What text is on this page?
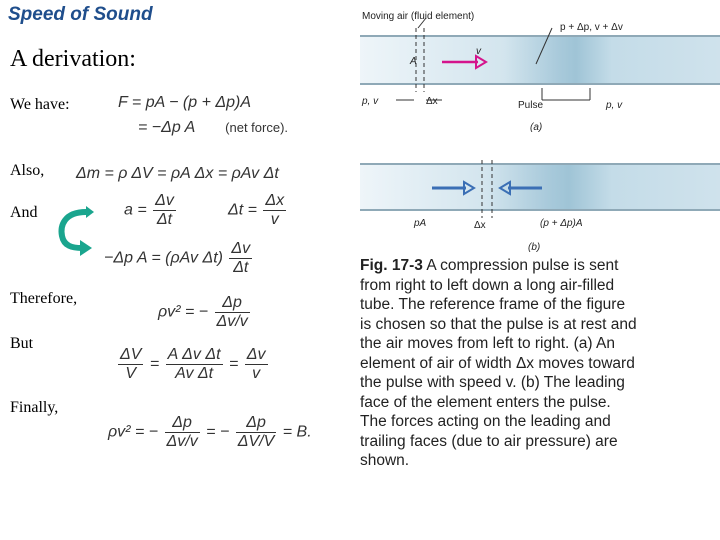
Speed of Sound
A derivation:
We have:
Also,
And
Therefore,
But
Finally,
F = pA − (p + Δp)A
= −Δp A (net force).
Δm = ρ ΔV = ρA Δx = ρAv Δt
$a = \frac{\Delta v}{\Delta t}$	$\Delta t = \frac{\Delta x}{v}$
−Δp A = (ρAv $\Delta t) \frac{\Delta v}{\Delta t}$
ρv² = − $\frac{\Delta p}{\Delta v/v}$
$\frac{\Delta V}{V} = \frac{\text{A Δv Δt}}{\text{Av Δt}} = \frac{\Delta v}{v}$
ρv² = − $\frac{\Delta p}{\Delta v/v}$ = − $\frac{\Delta p}{\Delta V/V} = B$.
Moving air (fluid element)
p + Δp, v + Δv
v
A
p, v	Δx	Pulse	p, v
(a)
pA	Δx	(p + Δp)A
(b)
Fig. 17-3 A compression pulse is sent from right to left down a long air-filled tube. The reference frame of the figure is chosen so that the pulse is at rest and the air moves from left to right. (a) An element of air of width Δx moves toward the pulse with speed v. (b) The leading face of the element enters the pulse. The forces acting on the leading and trailing faces (due to air pressure) are shown.
